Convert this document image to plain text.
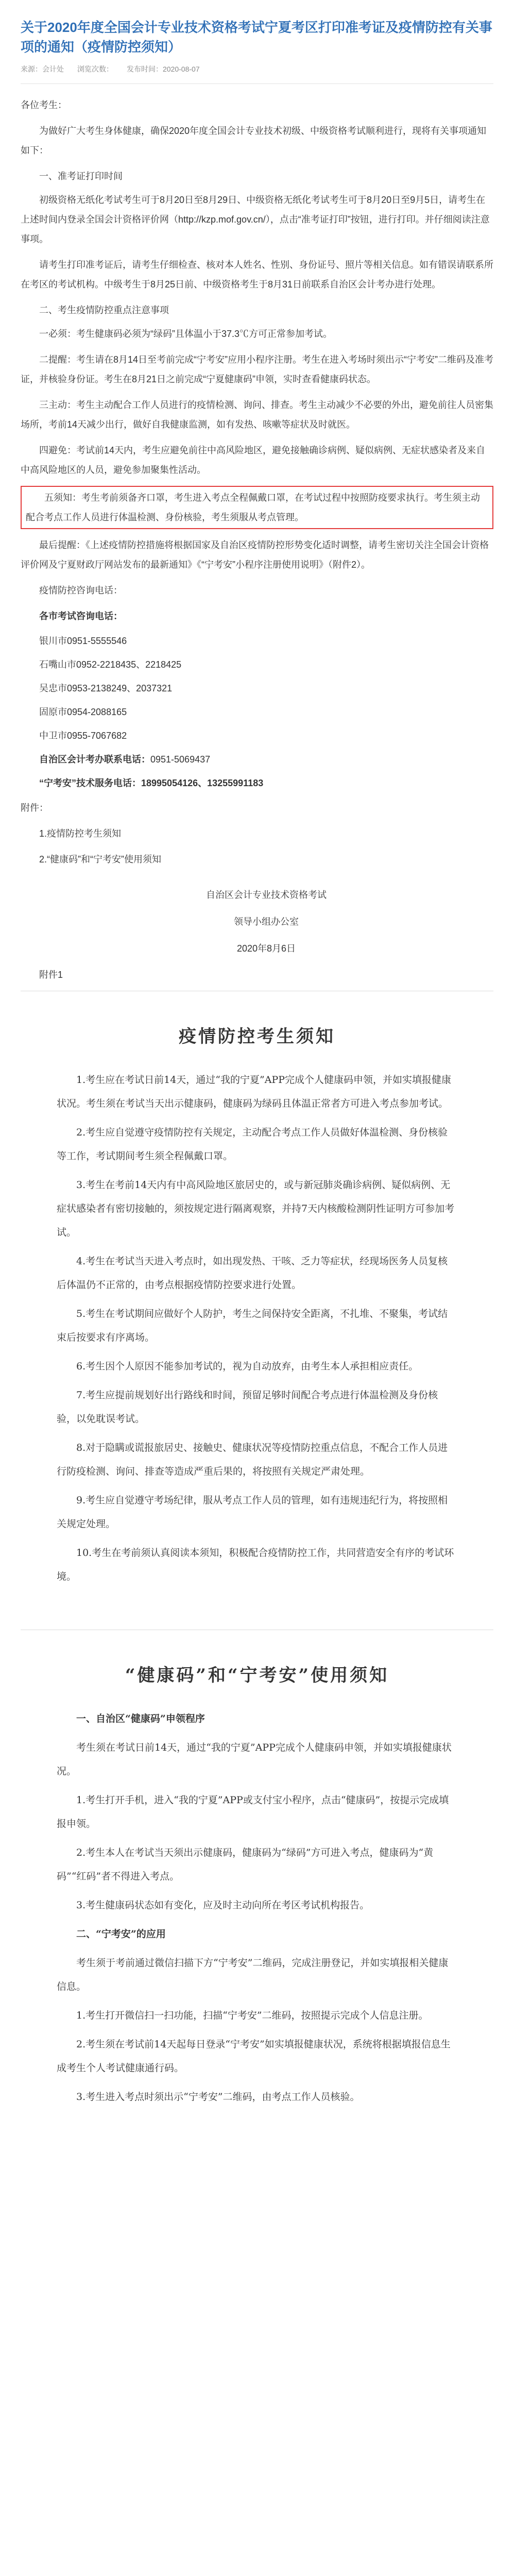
关于2020年度全国会计专业技术资格考试宁夏考区打印准考证及疫情防控有关事项的通知（疫情防控须知）
来源：会计处 浏览次数： 发布时间：2020-08-07

各位考生：

为做好广大考生身体健康，确保2020年度全国会计专业技术初级、中级资格考试顺利进行，现将有关事项通知如下：

一、准考证打印时间

初级资格无纸化考试考生可于8月20日至8月29日、中级资格无纸化考试考生可于8月20日至9月5日，请考生在上述时间内登录全国会计资格评价网（http://kzp.mof.gov.cn/），点击“准考证打印”按钮，进行打印。并仔细阅读注意事项。

请考生打印准考证后，请考生仔细检查、核对本人姓名、性别、身份证号、照片等相关信息。如有错误请联系所在考区的考试机构。中级考生于8月25日前、中级资格考生于8月31日前联系自治区会计考办进行处理。

二、考生疫情防控重点注意事项

一必须：考生健康码必须为“绿码”且体温小于37.3℃方可正常参加考试。

二提醒：考生请在8月14日至考前完成“宁考安”应用小程序注册。考生在进入考场时须出示“宁考安”二维码及准考证，并核验身份证。考生在8月21日之前完成“宁夏健康码”申领，实时查看健康码状态。

三主动：考生主动配合工作人员进行的疫情检测、询问、排查。考生主动减少不必要的外出，避免前往人员密集场所，考前14天减少出行，做好自我健康监测，如有发热、咳嗽等症状及时就医。

四避免：考试前14天内，考生应避免前往中高风险地区，避免接触确诊病例、疑似病例、无症状感染者及来自中高风险地区的人员，避免参加聚集性活动。

五须知：考生考前须备齐口罩，考生进入考点全程佩戴口罩，在考试过程中按照防疫要求执行。考生须主动配合考点工作人员进行体温检测、身份核验，考生须服从考点管理。

最后提醒：《上述疫情防控措施将根据国家及自治区疫情防控形势变化适时调整，请考生密切关注全国会计资格评价网及宁夏财政厅网站发布的最新通知》《“宁考安”小程序注册使用说明》（附件2）。

疫情防控咨询电话：

各市考试咨询电话：

银川市0951-5555546

石嘴山市0952-2218435、2218425

吴忠市0953-2138249、2037321

固原市0954-2088165

中卫市0955-7067682

自治区会计考办联系电话：0951-5069437

“宁考安”技术服务电话：18995054126、13255991183

附件：

1.疫情防控考生须知

2.“健康码”和“宁考安”使用须知

自治区会计专业技术资格考试

领导小组办公室

2020年8月6日

附件1

疫情防控考生须知

1.考生应在考试日前14天，通过“我的宁夏”APP完成个人健康码申领，并如实填报健康状况。考生须在考试当天出示健康码，健康码为绿码且体温正常者方可进入考点参加考试。

2.考生应自觉遵守疫情防控有关规定，主动配合考点工作人员做好体温检测、身份核验等工作，考试期间考生须全程佩戴口罩。

3.考生在考前14天内有中高风险地区旅居史的，或与新冠肺炎确诊病例、疑似病例、无症状感染者有密切接触的，须按规定进行隔离观察，并持7天内核酸检测阴性证明方可参加考试。

4.考生在考试当天进入考点时，如出现发热、干咳、乏力等症状，经现场医务人员复核后体温仍不正常的，由考点根据疫情防控要求进行处置。

5.考生在考试期间应做好个人防护，考生之间保持安全距离，不扎堆、不聚集，考试结束后按要求有序离场。

6.考生因个人原因不能参加考试的，视为自动放弃，由考生本人承担相应责任。

7.考生应提前规划好出行路线和时间，预留足够时间配合考点进行体温检测及身份核验，以免耽误考试。

8.对于隐瞒或谎报旅居史、接触史、健康状况等疫情防控重点信息，不配合工作人员进行防疫检测、询问、排查等造成严重后果的，将按照有关规定严肃处理。

9.考生应自觉遵守考场纪律，服从考点工作人员的管理，如有违规违纪行为，将按照相关规定处理。

10.考生在考前须认真阅读本须知，积极配合疫情防控工作，共同营造安全有序的考试环境。

“健康码”和“宁考安”使用须知

一、自治区“健康码”申领程序

考生须在考试日前14天，通过“我的宁夏”APP完成个人健康码申领，并如实填报健康状况。

1.考生打开手机，进入“我的宁夏”APP或支付宝小程序，点击“健康码”，按提示完成填报申领。

2.考生本人在考试当天须出示健康码，健康码为“绿码”方可进入考点，健康码为“黄码”“红码”者不得进入考点。

3.考生健康码状态如有变化，应及时主动向所在考区考试机构报告。

二、“宁考安”的应用

考生须于考前通过微信扫描下方“宁考安”二维码，完成注册登记，并如实填报相关健康信息。

1.考生打开微信扫一扫功能，扫描“宁考安”二维码，按照提示完成个人信息注册。

2.考生须在考试前14天起每日登录“宁考安”如实填报健康状况，系统将根据填报信息生成考生个人考试健康通行码。

3.考生进入考点时须出示“宁考安”二维码，由考点工作人员核验。
